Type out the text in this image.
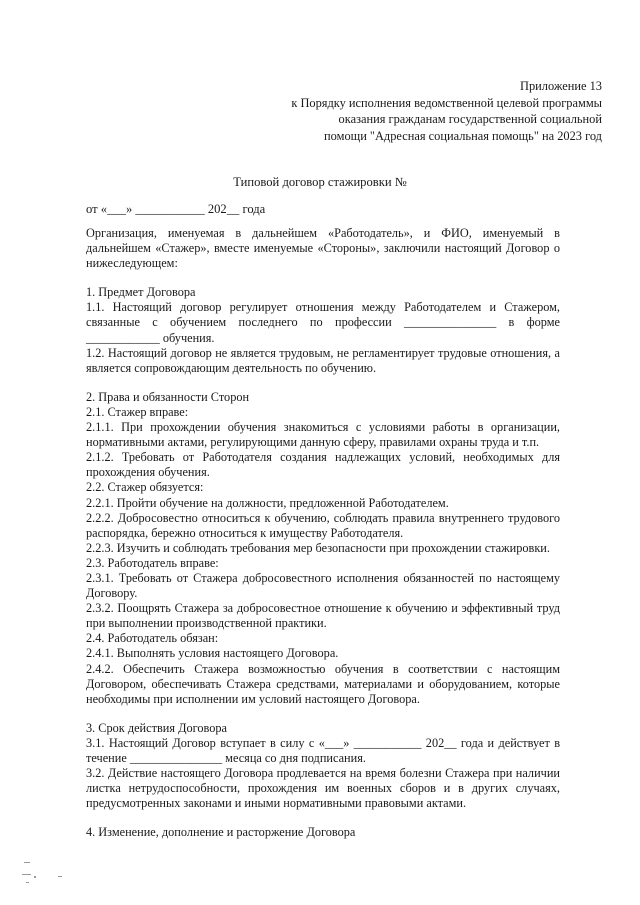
Приложение 13
к Порядку исполнения ведомственной целевой программы
оказания гражданам государственной социальной
помощи "Адресная социальная помощь" на 2023 год
Типовой договор стажировки №
от «___» ___________ 202__ года

Организация, именуемая в дальнейшем «Работодатель», и ФИО, именуемый в дальнейшем «Стажер», вместе именуемые «Стороны», заключили настоящий Договор о нижеследующем:

1. Предмет Договора

1.1. Настоящий договор регулирует отношения между Работодателем и Стажером, связанные с обучением последнего по профессии _______________ в форме ____________ обучения.

1.2. Настоящий договор не является трудовым, не регламентирует трудовые отношения, а является сопровождающим деятельность по обучению.

2. Права и обязанности Сторон

2.1. Стажер вправе:

2.1.1. При прохождении обучения знакомиться с условиями работы в организации, нормативными актами, регулирующими данную сферу, правилами охраны труда и т.п.

2.1.2. Требовать от Работодателя создания надлежащих условий, необходимых для прохождения обучения.

2.2. Стажер обязуется:

2.2.1. Пройти обучение на должности, предложенной Работодателем.

2.2.2. Добросовестно относиться к обучению, соблюдать правила внутреннего трудового распорядка, бережно относиться к имуществу Работодателя.

2.2.3. Изучить и соблюдать требования мер безопасности при прохождении стажировки.

2.3. Работодатель вправе:

2.3.1. Требовать от Стажера добросовестного исполнения обязанностей по настоящему Договору.

2.3.2. Поощрять Стажера за добросовестное отношение к обучению и эффективный труд при выполнении производственной практики.

2.4. Работодатель обязан:

2.4.1. Выполнять условия настоящего Договора.

2.4.2. Обеспечить Стажера возможностью обучения в соответствии с настоящим Договором, обеспечивать Стажера средствами, материалами и оборудованием, которые необходимы при исполнении им условий настоящего Договора.

3. Срок действия Договора

3.1. Настоящий Договор вступает в силу с «___» ___________ 202__ года и действует в течение _______________ месяца со дня подписания.

3.2. Действие настоящего Договора продлевается на время болезни Стажера при наличии листка нетрудоспособности, прохождения им военных сборов и в других случаях, предусмотренных законами и иными нормативными правовыми актами.

4. Изменение, дополнение и расторжение Договора
